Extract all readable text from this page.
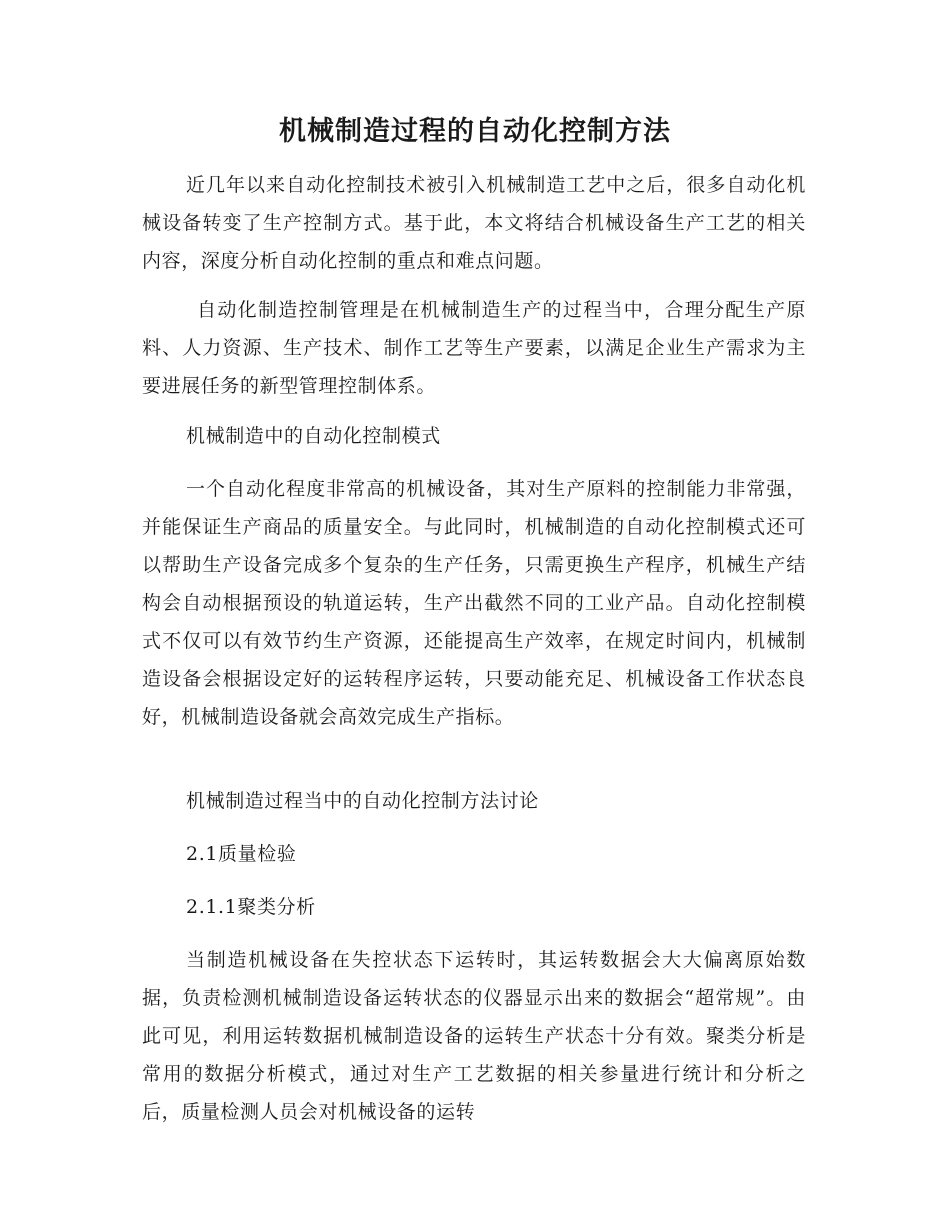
机械制造过程的自动化控制方法

近几年以来自动化控制技术被引入机械制造工艺中之后，很多自动化机械设备转变了生产控制方式。基于此，本文将结合机械设备生产工艺的相关内容，深度分析自动化控制的重点和难点问题。

自动化制造控制管理是在机械制造生产的过程当中，合理分配生产原料、人力资源、生产技术、制作工艺等生产要素，以满足企业生产需求为主要进展任务的新型管理控制体系。

机械制造中的自动化控制模式

一个自动化程度非常高的机械设备，其对生产原料的控制能力非常强，并能保证生产商品的质量安全。与此同时，机械制造的自动化控制模式还可以帮助生产设备完成多个复杂的生产任务，只需更换生产程序，机械生产结构会自动根据预设的轨道运转，生产出截然不同的工业产品。自动化控制模式不仅可以有效节约生产资源，还能提高生产效率，在规定时间内，机械制造设备会根据设定好的运转程序运转，只要动能充足、机械设备工作状态良好，机械制造设备就会高效完成生产指标。

机械制造过程当中的自动化控制方法讨论

2.1质量检验

2.1.1聚类分析

当制造机械设备在失控状态下运转时，其运转数据会大大偏离原始数据，负责检测机械制造设备运转状态的仪器显示出来的数据会“超常规”。由此可见，利用运转数据机械制造设备的运转生产状态十分有效。聚类分析是常用的数据分析模式，通过对生产工艺数据的相关参量进行统计和分析之后，质量检测人员会对机械设备的运转
